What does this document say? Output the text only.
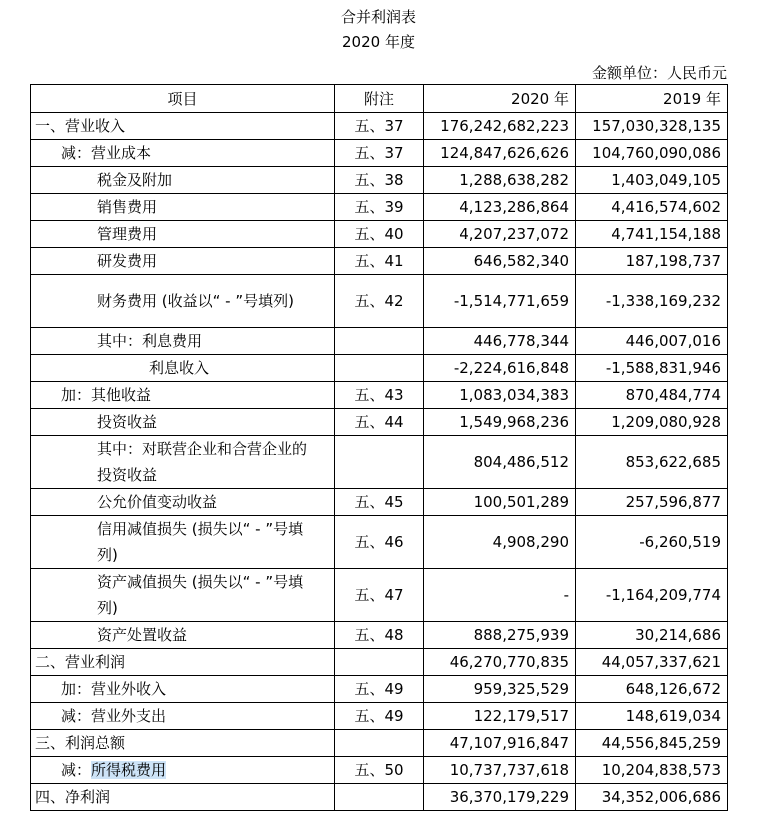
合并利润表
2020 年度
金额单位：人民币元
项目	附注	2020 年	2019 年
一、营业收入	五、37	176,242,682,223	157,030,328,135
减：营业成本	五、37	124,847,626,626	104,760,090,086
税金及附加	五、38	1,288,638,282	1,403,049,105
销售费用	五、39	4,123,286,864	4,416,574,602
管理费用	五、40	4,207,237,072	4,741,154,188
研发费用	五、41	646,582,340	187,198,737
财务费用 (收益以“ - ”号填列)	五、42	-1,514,771,659	-1,338,169,232
其中：利息费用		446,778,344	446,007,016
利息收入		-2,224,616,848	-1,588,831,946
加：其他收益	五、43	1,083,034,383	870,484,774
投资收益	五、44	1,549,968,236	1,209,080,928
其中：对联营企业和合营企业的投资收益		804,486,512	853,622,685
公允价值变动收益	五、45	100,501,289	257,596,877
信用减值损失 (损失以“ - ”号填列)	五、46	4,908,290	-6,260,519
资产减值损失 (损失以“ - ”号填列)	五、47	-	-1,164,209,774
资产处置收益	五、48	888,275,939	30,214,686
二、营业利润		46,270,770,835	44,057,337,621
加：营业外收入	五、49	959,325,529	648,126,672
减：营业外支出	五、49	122,179,517	148,619,034
三、利润总额		47,107,916,847	44,556,845,259
减：所得税费用	五、50	10,737,737,618	10,204,838,573
四、净利润		36,370,179,229	34,352,006,686
